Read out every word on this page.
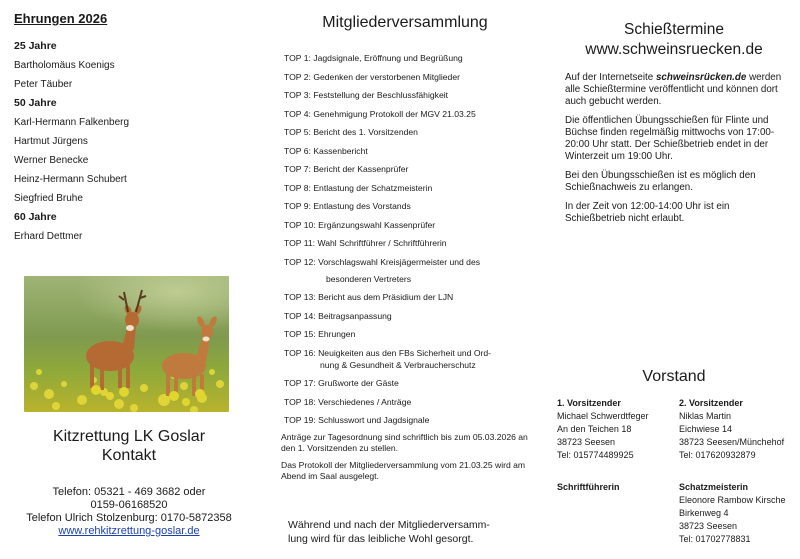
Ehrungen 2026
25 Jahre
Bartholomäus Koenigs
Peter Täuber
50 Jahre
Karl-Hermann Falkenberg
Hartmut Jürgens
Werner Benecke
Heinz-Hermann Schubert
Siegfried Bruhe
60 Jahre
Erhard Dettmer
Kitzrettung LK Goslar
Kontakt
Telefon: 05321 - 469 3682 oder
0159-06168520
Telefon Ulrich Stolzenburg: 0170-5872358
www.rehkitzrettung-goslar.de
Mitgliederversammlung
TOP 1: Jagdsignale, Eröffnung und Begrüßung
TOP 2: Gedenken der verstorbenen Mitglieder
TOP 3: Feststellung der Beschlussfähigkeit
TOP 4: Genehmigung Protokoll der MGV 21.03.25
TOP 5: Bericht des 1. Vorsitzenden
TOP 6: Kassenbericht
TOP 7: Bericht der Kassenprüfer
TOP 8: Entlastung der Schatzmeisterin
TOP 9: Entlastung des Vorstands
TOP 10: Ergänzungswahl Kassenprüfer
TOP 11: Wahl Schriftführer / Schriftführerin
TOP 12: Vorschlagswahl Kreisjägermeister und des
besonderen Vertreters
TOP 13: Bericht aus dem Präsidium der LJN
TOP 14: Beitragsanpassung
TOP 15: Ehrungen
TOP 16: Neuigkeiten aus den FBs Sicherheit und Ord-
nung & Gesundheit & Verbraucherschutz
TOP 17: Grußworte der Gäste
TOP 18: Verschiedenes / Anträge
TOP 19: Schlusswort und Jagdsignale

Anträge zur Tagesordnung sind schriftlich bis zum 05.03.2026 an den 1. Vorsitzenden zu stellen.

Das Protokoll der Mitgliederversammlung vom 21.03.25 wird am Abend im Saal ausgelegt.

Während und nach der Mitgliederversamm-
lung wird für das leibliche Wohl gesorgt.
Schießtermine
www.schweinsruecken.de

Auf der Internetseite schweinsrücken.de werden alle Schießtermine veröffentlicht und können dort auch gebucht werden.

Die öffentlichen Übungsschießen für Flinte und Büchse finden regelmäßig mittwochs von 17:00-20:00 Uhr statt. Der Schießbetrieb endet in der Winterzeit um 19:00 Uhr.

Bei den Übungsschießen ist es möglich den Schießnachweis zu erlangen.

In der Zeit von 12:00-14:00 Uhr ist ein Schießbetrieb nicht erlaubt.

Vorstand
1. Vorsitzender
Michael Schwerdtfeger
An den Teichen 18
38723 Seesen
Tel: 015774489925
2. Vorsitzender
Niklas Martin
Eichwiese 14
38723 Seesen/Münchehof
Tel: 017620932879
Schriftführerin	Schatzmeisterin
Eleonore Rambow Kirsche
Birkenweg 4
38723 Seesen
Tel: 01702778831
